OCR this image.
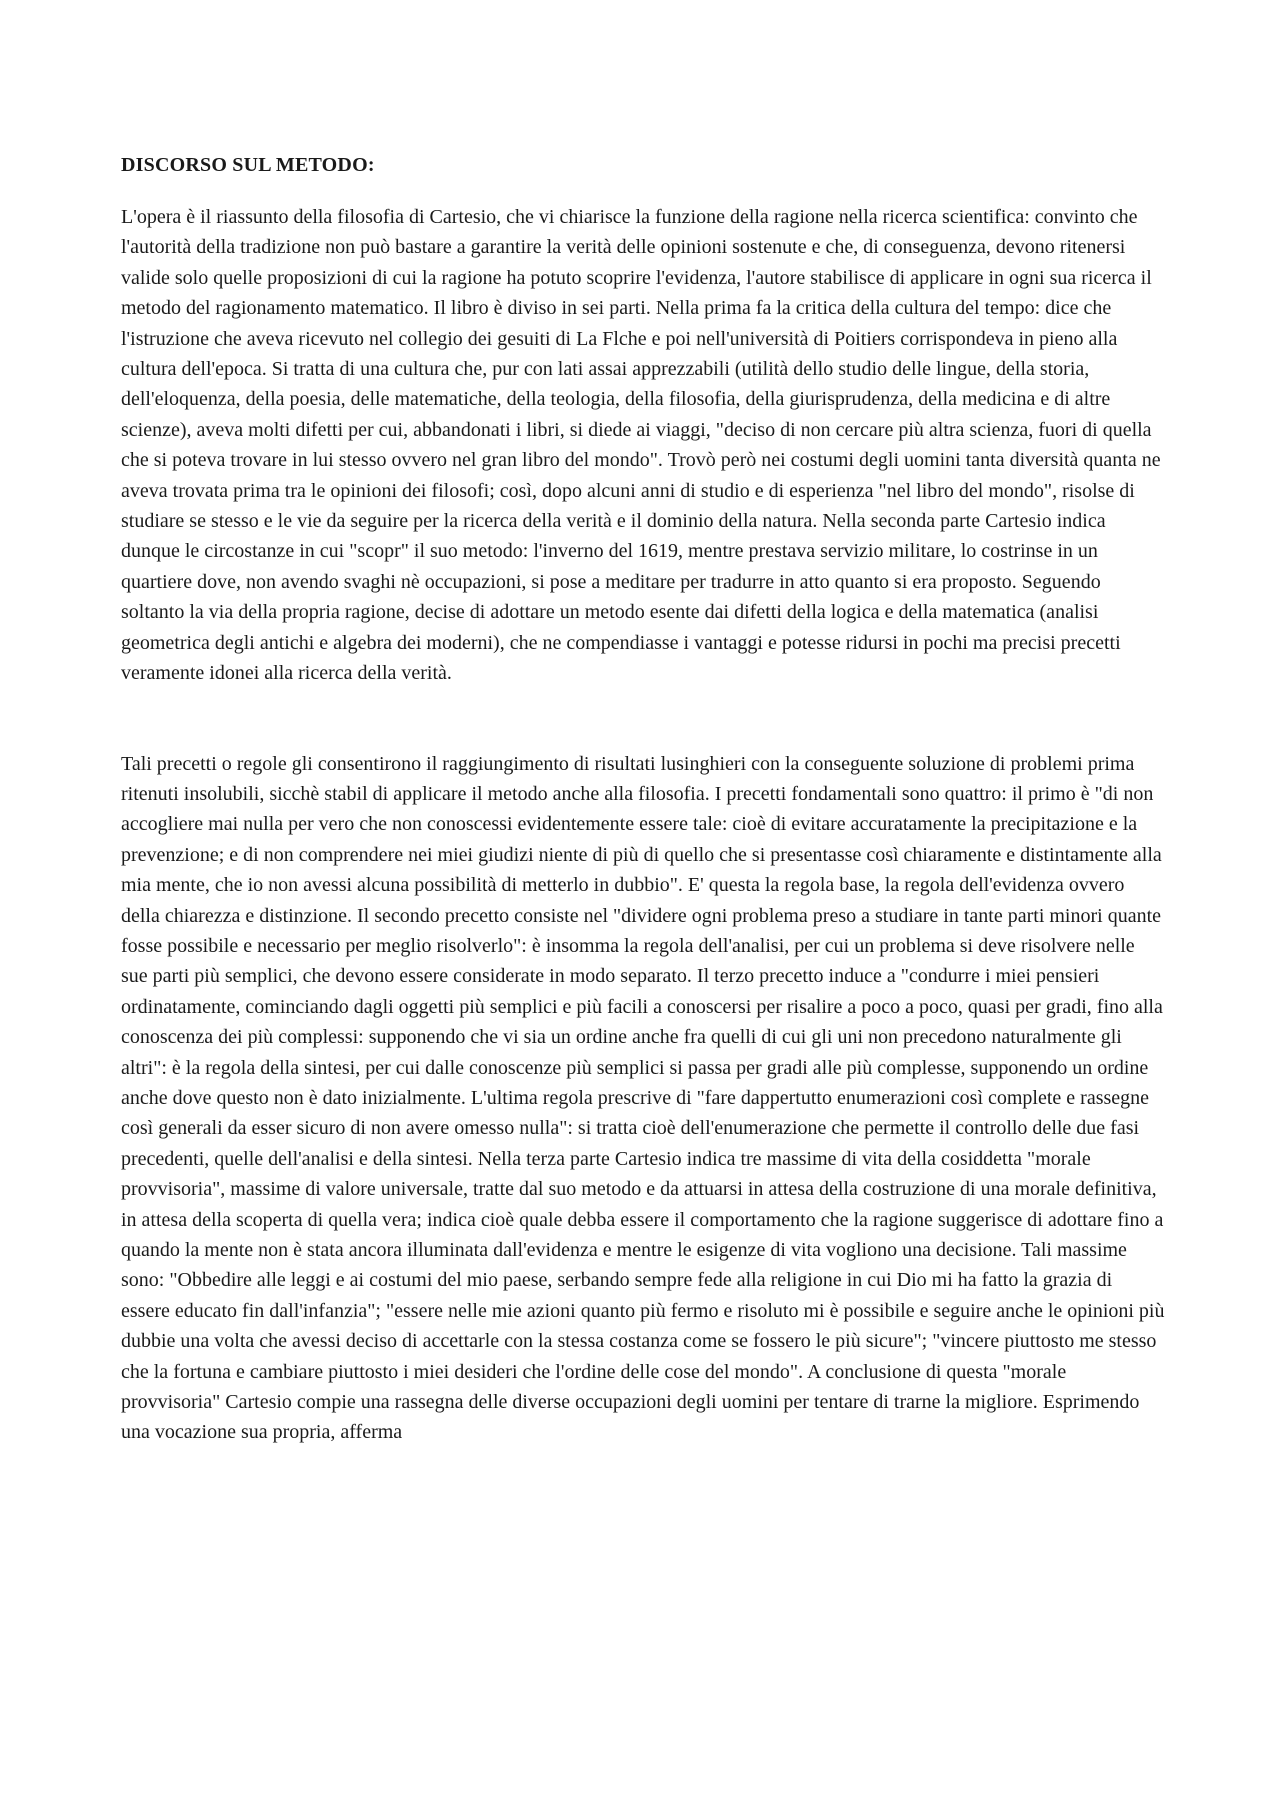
DISCORSO SUL METODO:

L'opera è il riassunto della filosofia di Cartesio, che vi chiarisce la funzione della ragione nella ricerca scientifica: convinto che l'autorità della tradizione non può bastare a garantire la verità delle opinioni sostenute e che, di conseguenza, devono ritenersi valide solo quelle proposizioni di cui la ragione ha potuto scoprire l'evidenza, l'autore stabilisce di applicare in ogni sua ricerca il metodo del ragionamento matematico. Il libro è diviso in sei parti. Nella prima fa la critica della cultura del tempo: dice che l'istruzione che aveva ricevuto nel collegio dei gesuiti di La Flche e poi nell'università di Poitiers corrispondeva in pieno alla cultura dell'epoca. Si tratta di una cultura che, pur con lati assai apprezzabili (utilità dello studio delle lingue, della storia, dell'eloquenza, della poesia, delle matematiche, della teologia, della filosofia, della giurisprudenza, della medicina e di altre scienze), aveva molti difetti per cui, abbandonati i libri, si diede ai viaggi, "deciso di non cercare più altra scienza, fuori di quella che si poteva trovare in lui stesso ovvero nel gran libro del mondo". Trovò però nei costumi degli uomini tanta diversità quanta ne aveva trovata prima tra le opinioni dei filosofi; così, dopo alcuni anni di studio e di esperienza "nel libro del mondo", risolse di studiare se stesso e le vie da seguire per la ricerca della verità e il dominio della natura. Nella seconda parte Cartesio indica dunque le circostanze in cui "scopr" il suo metodo: l'inverno del 1619, mentre prestava servizio militare, lo costrinse in un quartiere dove, non avendo svaghi nè occupazioni, si pose a meditare per tradurre in atto quanto si era proposto. Seguendo soltanto la via della propria ragione, decise di adottare un metodo esente dai difetti della logica e della matematica (analisi geometrica degli antichi e algebra dei moderni), che ne compendiasse i vantaggi e potesse ridursi in pochi ma precisi precetti veramente idonei alla ricerca della verità.

Tali precetti o regole gli consentirono il raggiungimento di risultati lusinghieri con la conseguente soluzione di problemi prima ritenuti insolubili, sicchè stabil di applicare il metodo anche alla filosofia. I precetti fondamentali sono quattro: il primo è "di non accogliere mai nulla per vero che non conoscessi evidentemente essere tale: cioè di evitare accuratamente la precipitazione e la prevenzione; e di non comprendere nei miei giudizi niente di più di quello che si presentasse così chiaramente e distintamente alla mia mente, che io non avessi alcuna possibilità di metterlo in dubbio". E' questa la regola base, la regola dell'evidenza ovvero della chiarezza e distinzione. Il secondo precetto consiste nel "dividere ogni problema preso a studiare in tante parti minori quante fosse possibile e necessario per meglio risolverlo": è insomma la regola dell'analisi, per cui un problema si deve risolvere nelle sue parti più semplici, che devono essere considerate in modo separato. Il terzo precetto induce a "condurre i miei pensieri ordinatamente, cominciando dagli oggetti più semplici e più facili a conoscersi per risalire a poco a poco, quasi per gradi, fino alla conoscenza dei più complessi: supponendo che vi sia un ordine anche fra quelli di cui gli uni non precedono naturalmente gli altri": è la regola della sintesi, per cui dalle conoscenze più semplici si passa per gradi alle più complesse, supponendo un ordine anche dove questo non è dato inizialmente. L'ultima regola prescrive di "fare dappertutto enumerazioni così complete e rassegne così generali da esser sicuro di non avere omesso nulla": si tratta cioè dell'enumerazione che permette il controllo delle due fasi precedenti, quelle dell'analisi e della sintesi. Nella terza parte Cartesio indica tre massime di vita della cosiddetta "morale provvisoria", massime di valore universale, tratte dal suo metodo e da attuarsi in attesa della costruzione di una morale definitiva, in attesa della scoperta di quella vera; indica cioè quale debba essere il comportamento che la ragione suggerisce di adottare fino a quando la mente non è stata ancora illuminata dall'evidenza e mentre le esigenze di vita vogliono una decisione. Tali massime sono: "Obbedire alle leggi e ai costumi del mio paese, serbando sempre fede alla religione in cui Dio mi ha fatto la grazia di essere educato fin dall'infanzia"; "essere nelle mie azioni quanto più fermo e risoluto mi è possibile e seguire anche le opinioni più dubbie una volta che avessi deciso di accettarle con la stessa costanza come se fossero le più sicure"; "vincere piuttosto me stesso che la fortuna e cambiare piuttosto i miei desideri che l'ordine delle cose del mondo". A conclusione di questa "morale provvisoria" Cartesio compie una rassegna delle diverse occupazioni degli uomini per tentare di trarne la migliore. Esprimendo una vocazione sua propria, afferma
